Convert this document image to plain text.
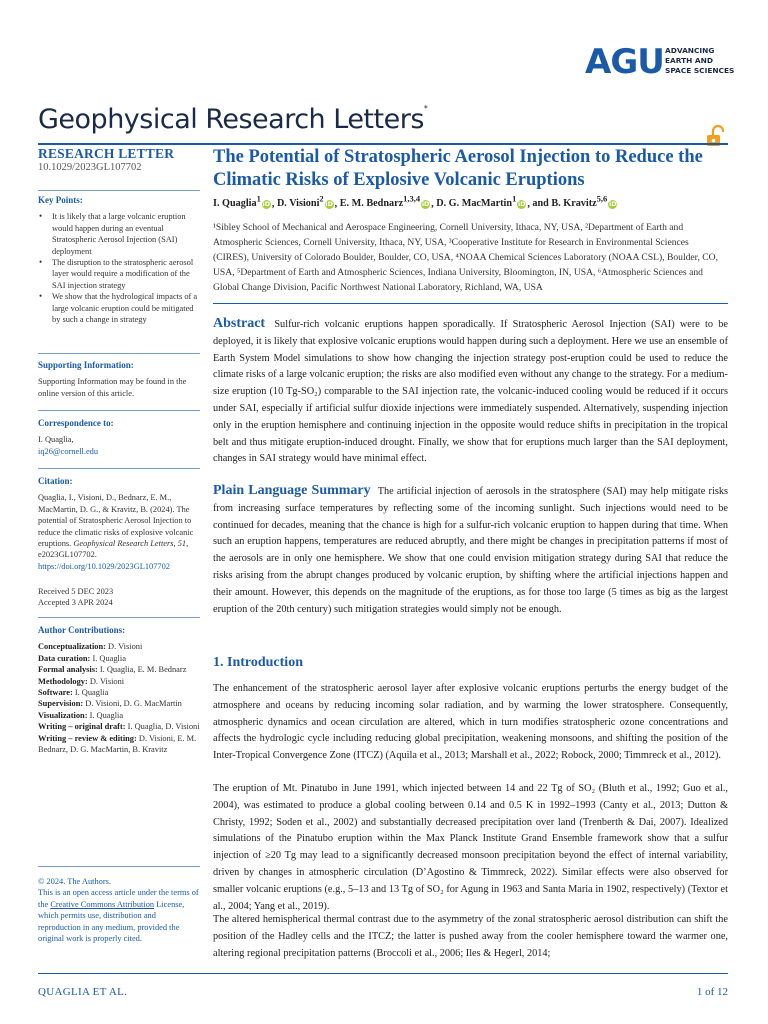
AGU ADVANCING
EARTH AND
SPACE SCIENCES
Geophysical Research Letters*
RESEARCH LETTER
10.1029/2023GL107702
Key Points:
• It is likely that a large volcanic eruption would happen during an eventual Stratospheric Aerosol Injection (SAI) deployment
• The disruption to the stratospheric aerosol layer would require a modification of the SAI injection strategy
• We show that the hydrological impacts of a large volcanic eruption could be mitigated by such a change in strategy
Supporting Information:
Supporting Information may be found in the online version of this article.
Correspondence to:
I. Quaglia,
iq26@cornell.edu
Citation:
Quaglia, I., Visioni, D., Bednarz, E. M., MacMartin, D. G., & Kravitz, B. (2024). The potential of Stratospheric Aerosol Injection to reduce the climatic risks of explosive volcanic eruptions. Geophysical Research Letters, 51, e2023GL107702.
https://doi.org/10.1029/2023GL107702
Received 5 DEC 2023
Accepted 3 APR 2024
Author Contributions:
Conceptualization: D. Visioni
Data curation: I. Quaglia
Formal analysis: I. Quaglia, E. M. Bednarz
Methodology: D. Visioni
Software: I. Quaglia
Supervision: D. Visioni, D. G. MacMartin
Visualization: I. Quaglia
Writing – original draft: I. Quaglia, D. Visioni
Writing – review & editing: D. Visioni, E. M. Bednarz, D. G. MacMartin, B. Kravitz
© 2024. The Authors.
This is an open access article under the terms of the Creative Commons Attribution License, which permits use, distribution and reproduction in any medium, provided the original work is properly cited.
The Potential of Stratospheric Aerosol Injection to Reduce the Climatic Risks of Explosive Volcanic Eruptions
I. Quaglia$^1$ iD , D. Visioni$^2$ iD , E. M. Bednarz$^{1,3,4}$ iD , D. G. MacMartin$^1$ iD , and B. Kravitz$^{5,6}$ iD
¹Sibley School of Mechanical and Aerospace Engineering, Cornell University, Ithaca, NY, USA, ²Department of Earth and Atmospheric Sciences, Cornell University, Ithaca, NY, USA, ³Cooperative Institute for Research in Environmental Sciences (CIRES), University of Colorado Boulder, Boulder, CO, USA, ⁴NOAA Chemical Sciences Laboratory (NOAA CSL), Boulder, CO, USA, ⁵Department of Earth and Atmospheric Sciences, Indiana University, Bloomington, IN, USA, ⁶Atmospheric Sciences and Global Change Division, Pacific Northwest National Laboratory, Richland, WA, USA
Abstract Sulfur-rich volcanic eruptions happen sporadically. If Stratospheric Aerosol Injection (SAI) were to be deployed, it is likely that explosive volcanic eruptions would happen during such a deployment. Here we use an ensemble of Earth System Model simulations to show how changing the injection strategy post-eruption could be used to reduce the climate risks of a large volcanic eruption; the risks are also modified even without any change to the strategy. For a medium-size eruption (10 Tg-SO₂) comparable to the SAI injection rate, the volcanic-induced cooling would be reduced if it occurs under SAI, especially if artificial sulfur dioxide injections were immediately suspended. Alternatively, suspending injection only in the eruption hemisphere and continuing injection in the opposite would reduce shifts in precipitation in the tropical belt and thus mitigate eruption-induced drought. Finally, we show that for eruptions much larger than the SAI deployment, changes in SAI strategy would have minimal effect.
Plain Language Summary The artificial injection of aerosols in the stratosphere (SAI) may help mitigate risks from increasing surface temperatures by reflecting some of the incoming sunlight. Such injections would need to be continued for decades, meaning that the chance is high for a sulfur-rich volcanic eruption to happen during that time. When such an eruption happens, temperatures are reduced abruptly, and there might be changes in precipitation patterns if most of the aerosols are in only one hemisphere. We show that one could envision mitigation strategy during SAI that reduce the risks arising from the abrupt changes produced by volcanic eruption, by shifting where the artificial injections happen and their amount. However, this depends on the magnitude of the eruptions, as for those too large (5 times as big as the largest eruption of the 20th century) such mitigation strategies would simply not be enough.
1. Introduction
The enhancement of the stratospheric aerosol layer after explosive volcanic eruptions perturbs the energy budget of the atmosphere and oceans by reducing incoming solar radiation, and by warming the lower stratosphere. Consequently, atmospheric dynamics and ocean circulation are altered, which in turn modifies stratospheric ozone concentrations and affects the hydrologic cycle including reducing global precipitation, weakening monsoons, and shifting the position of the Inter-Tropical Convergence Zone (ITCZ) (Aquila et al., 2013; Marshall et al., 2022; Robock, 2000; Timmreck et al., 2012).
The eruption of Mt. Pinatubo in June 1991, which injected between 14 and 22 Tg of SO₂ (Bluth et al., 1992; Guo et al., 2004), was estimated to produce a global cooling between 0.14 and 0.5 K in 1992–1993 (Canty et al., 2013; Dutton & Christy, 1992; Soden et al., 2002) and substantially decreased precipitation over land (Trenberth & Dai, 2007). Idealized simulations of the Pinatubo eruption within the Max Planck Institute Grand Ensemble framework show that a sulfur injection of ≥20 Tg may lead to a significantly decreased monsoon precipitation beyond the effect of internal variability, driven by changes in atmospheric circulation (D’Agostino & Timmreck, 2022). Similar effects were also observed for smaller volcanic eruptions (e.g., 5–13 and 13 Tg of SO₂ for Agung in 1963 and Santa Maria in 1902, respectively) (Textor et al., 2004; Yang et al., 2019).
The altered hemispherical thermal contrast due to the asymmetry of the zonal stratospheric aerosol distribution can shift the position of the Hadley cells and the ITCZ; the latter is pushed away from the cooler hemisphere toward the warmer one, altering regional precipitation patterns (Broccoli et al., 2006; Iles & Hegerl, 2014;
QUAGLIA ET AL.	1 of 12
